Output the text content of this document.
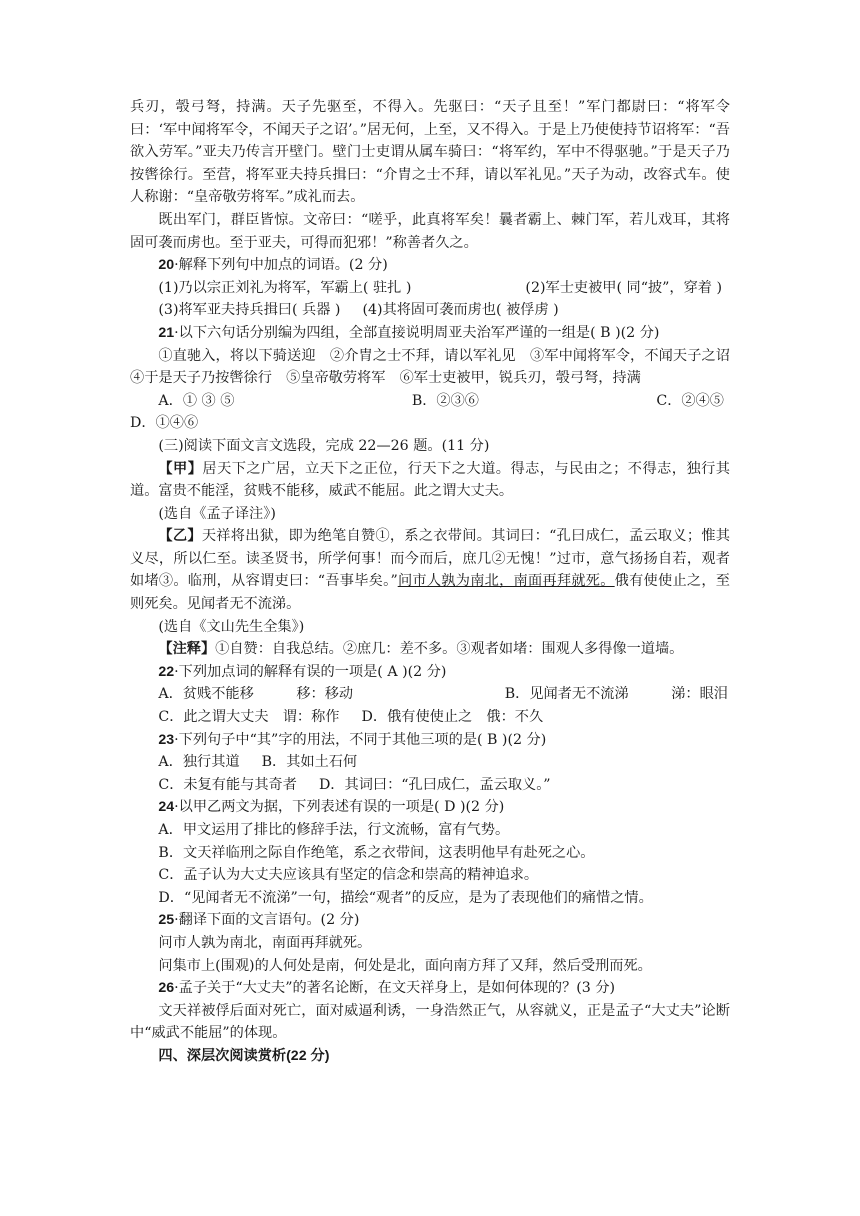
兵刃，彀弓弩，持满。天子先驱至，不得入。先驱曰：“天子且至！”军门都尉曰：“将军令曰：‘军中闻将军令，不闻天子之诏’。”居无何，上至，又不得入。于是上乃使使持节诏将军：“吾欲入劳军。”亚夫乃传言开壁门。壁门士吏谓从属车骑曰：“将军约，军中不得驱驰。”于是天子乃按辔徐行。至营，将军亚夫持兵揖曰：“介胄之士不拜，请以军礼见。”天子为动，改容式车。使人称谢：“皇帝敬劳将军。”成礼而去。

既出军门，群臣皆惊。文帝曰：“嗟乎，此真将军矣！曩者霸上、棘门军，若儿戏耳，其将固可袭而虏也。至于亚夫，可得而犯邪！”称善者久之。

20·解释下列句中加点的词语。(2 分)

(1)乃以宗正刘礼为将军，军霸上( 驻扎 )	(2)军士吏被甲( 同“披”，穿着 )
(3)将军亚夫持兵揖曰( 兵器 ) (4)其将固可袭而虏也( 被俘虏 )

21·以下六句话分别编为四组，全部直接说明周亚夫治军严谨的一组是( B )(2 分)

①直驰入，将以下骑送迎　②介胄之士不拜，请以军礼见　③军中闻将军令，不闻天子之诏　④于是天子乃按辔徐行　⑤皇帝敬劳将军　⑥军士吏被甲，锐兵刃，彀弓弩，持满

A．① ③ ⑤	B．②③⑥	C．②④⑤

D．①④⑥

(三)阅读下面文言文选段，完成 22—26 题。(11 分)

【甲】居天下之广居，立天下之正位，行天下之大道。得志，与民由之；不得志，独行其道。富贵不能淫，贫贱不能移，威武不能屈。此之谓大丈夫。

(选自《孟子译注》)

【乙】天祥将出狱，即为绝笔自赞①，系之衣带间。其词曰：“孔曰成仁，孟云取义；惟其义尽，所以仁至。读圣贤书，所学何事！而今而后，庶几②无愧！”过市，意气扬扬自若，观者如堵③。临刑，从容谓吏曰：“吾事毕矣。”问市人孰为南北，南面再拜就死。俄有使使止之，至则死矣。见闻者无不流涕。

(选自《文山先生全集》)

【注释】①自赞：自我总结。②庶几：差不多。③观者如堵：围观人多得像一道墙。

22·下列加点词的解释有误的一项是( A )(2 分)

A．贫贱不能移　　　移：移动	B．见闻者无不流涕　　　涕：眼泪
C．此之谓大丈夫　谓：称作 D．俄有使使止之　俄：不久

23·下列句子中“其”字的用法，不同于其他三项的是( B )(2 分)

A．独行其道 B．其如土石何
C．未复有能与其奇者 D．其词曰：“孔曰成仁，孟云取义。”

24·以甲乙两文为据，下列表述有误的一项是( D )(2 分)

A．甲文运用了排比的修辞手法，行文流畅，富有气势。

B．文天祥临刑之际自作绝笔，系之衣带间，这表明他早有赴死之心。

C．孟子认为大丈夫应该具有坚定的信念和崇高的精神追求。

D．“见闻者无不流涕”一句，描绘“观者”的反应，是为了表现他们的痛惜之情。

25·翻译下面的文言语句。(2 分)

问市人孰为南北，南面再拜就死。

问集市上(围观)的人何处是南，何处是北，面向南方拜了又拜，然后受刑而死。

26·孟子关于“大丈夫”的著名论断，在文天祥身上，是如何体现的？(3 分)

文天祥被俘后面对死亡，面对威逼利诱，一身浩然正气，从容就义，正是孟子“大丈夫”论断中“威武不能屈”的体现。

四、深层次阅读赏析(22 分)
